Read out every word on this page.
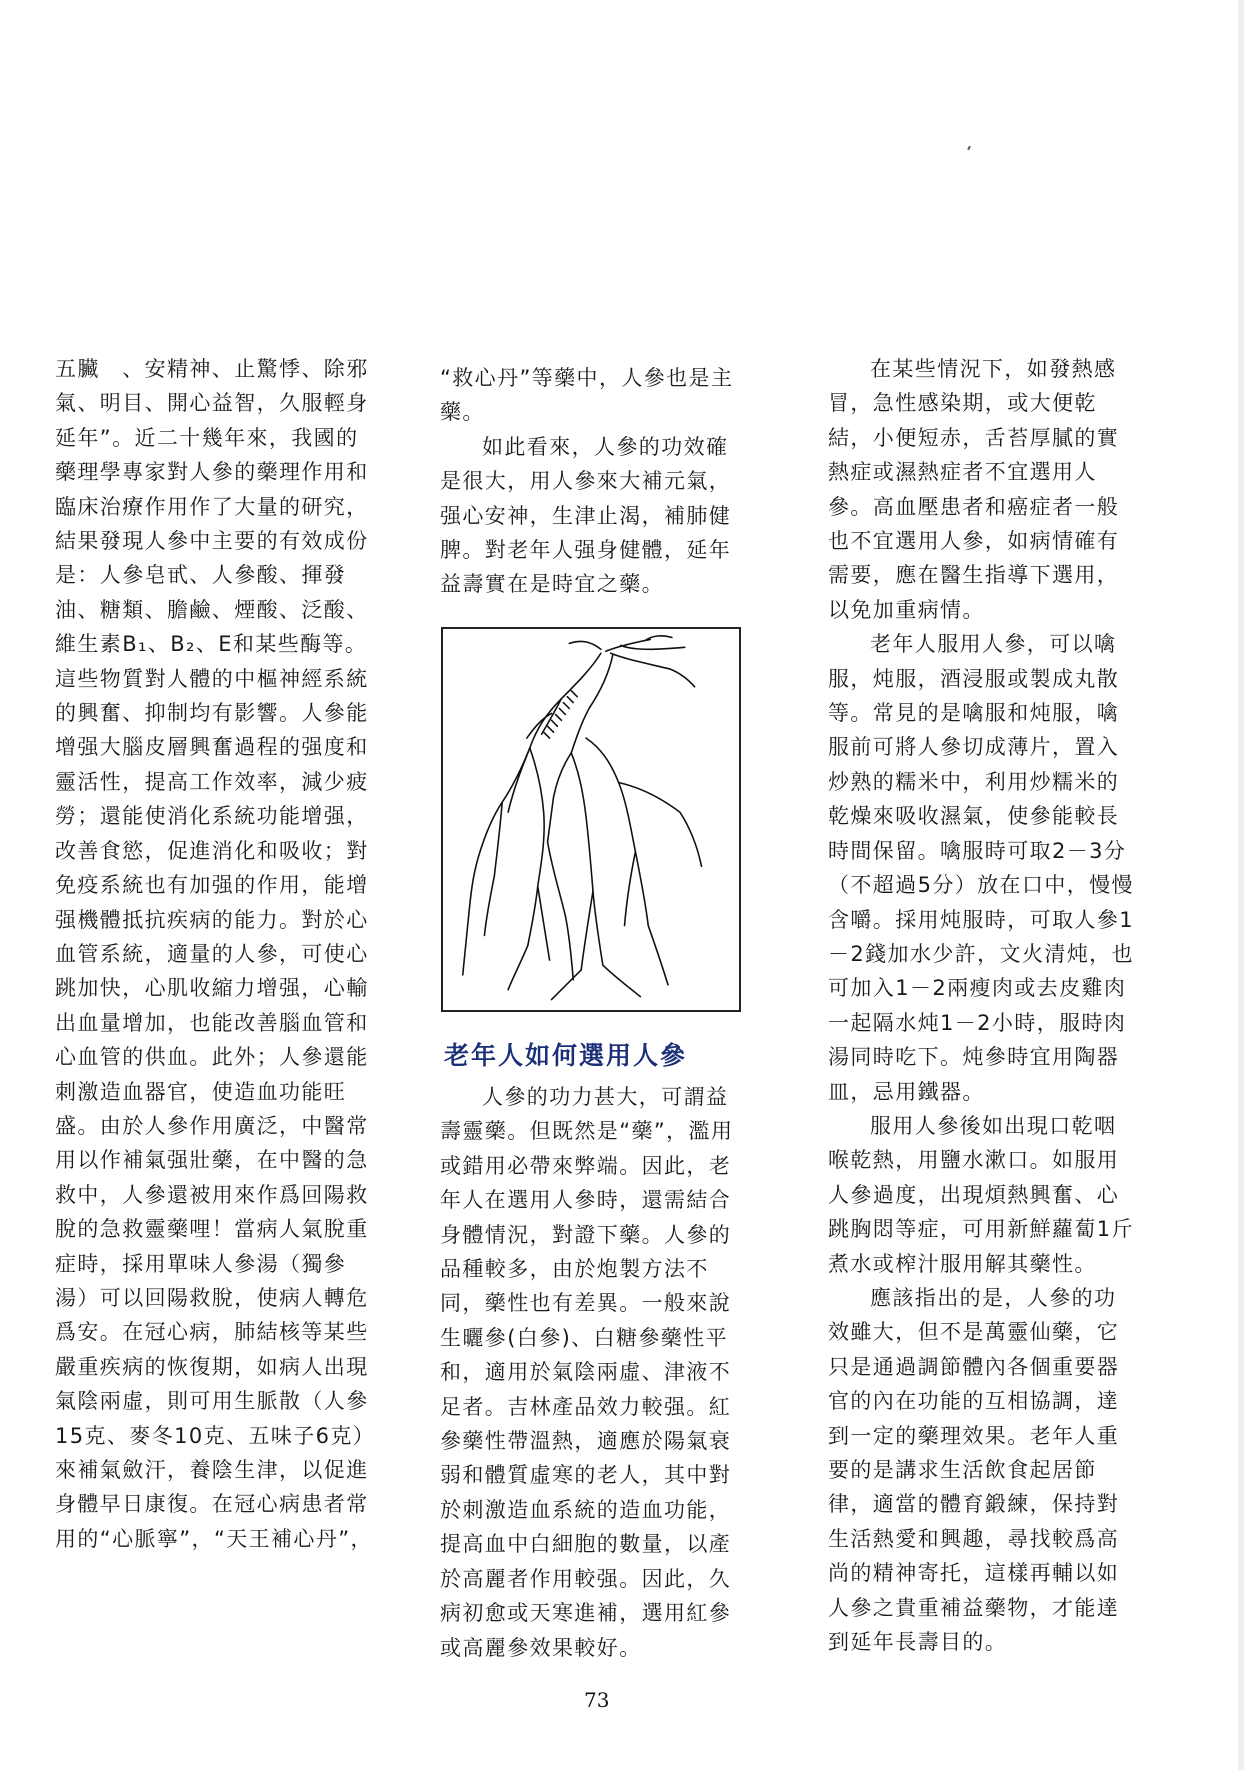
五臟　、安精神、止驚悸、除邪氣、明目、開心益智，久服輕身延年”。近二十幾年來，我國的藥理學專家對人參的藥理作用和臨床治療作用作了大量的研究，結果發現人參中主要的有效成份是：人參皂甙、人參酸、揮發油、糖類、膽鹼、煙酸、泛酸、維生素B₁、B₂、E和某些酶等。這些物質對人體的中樞神經系統的興奮、抑制均有影響。人參能增强大腦皮層興奮過程的强度和靈活性，提高工作效率，減少疲勞；還能使消化系統功能增强，改善食慾，促進消化和吸收；對免疫系統也有加强的作用，能增强機體抵抗疾病的能力。對於心血管系統，適量的人參，可使心跳加快，心肌收縮力增强，心輸出血量增加，也能改善腦血管和心血管的供血。此外；人參還能刺激造血器官，使造血功能旺盛。由於人參作用廣泛，中醫常用以作補氣强壯藥，在中醫的急救中，人參還被用來作爲回陽救脫的急救靈藥哩！當病人氣脫重症時，採用單味人參湯（獨參湯）可以回陽救脫，使病人轉危爲安。在冠心病，肺結核等某些嚴重疾病的恢復期，如病人出現氣陰兩虛，則可用生脈散（人參15克、麥冬10克、五味子6克）來補氣斂汗，養陰生津，以促進身體早日康復。在冠心病患者常用的“心脈寧”，“天王補心丹”，

“救心丹”等藥中，人參也是主藥。

如此看來，人參的功效確是很大，用人參來大補元氣，强心安神，生津止渴，補肺健脾。對老年人强身健體，延年益壽實在是時宜之藥。

老年人如何選用人參

人參的功力甚大，可謂益壽靈藥。但既然是“藥”，濫用或錯用必帶來弊端。因此，老年人在選用人參時，還需結合身體情況，對證下藥。人參的品種較多，由於炮製方法不同，藥性也有差異。一般來說生曬參(白參)、白糖參藥性平和，適用於氣陰兩虛、津液不足者。吉林產品效力較强。紅參藥性帶溫熱，適應於陽氣衰弱和體質虛寒的老人，其中對於刺激造血系統的造血功能，提高血中白細胞的數量，以產於高麗者作用較强。因此，久病初愈或天寒進補，選用紅參或高麗參效果較好。

在某些情況下，如發熱感冒，急性感染期，或大便乾結，小便短赤，舌苔厚膩的實熱症或濕熱症者不宜選用人參。高血壓患者和癌症者一般也不宜選用人參，如病情確有需要，應在醫生指導下選用，以免加重病情。

老年人服用人參，可以噙服，炖服，酒浸服或製成丸散等。常見的是噙服和炖服，噙服前可將人參切成薄片，置入炒熟的糯米中，利用炒糯米的乾燥來吸收濕氣，使參能較長時間保留。噙服時可取2－3分（不超過5分）放在口中，慢慢含嚼。採用炖服時，可取人參1－2錢加水少許，文火清炖，也可加入1－2兩瘦肉或去皮雞肉一起隔水炖1－2小時，服時肉湯同時吃下。炖參時宜用陶器皿，忌用鐵器。

服用人參後如出現口乾咽喉乾熱，用鹽水漱口。如服用人參過度，出現煩熱興奮、心跳胸悶等症，可用新鮮蘿蔔1斤煮水或榨汁服用解其藥性。

應該指出的是，人參的功效雖大，但不是萬靈仙藥，它只是通過調節體內各個重要器官的內在功能的互相協調，達到一定的藥理效果。老年人重要的是講求生活飲食起居節律，適當的體育鍛練，保持對生活熱愛和興趣，尋找較爲高尚的精神寄托，這樣再輔以如人參之貴重補益藥物，才能達到延年長壽目的。

73
